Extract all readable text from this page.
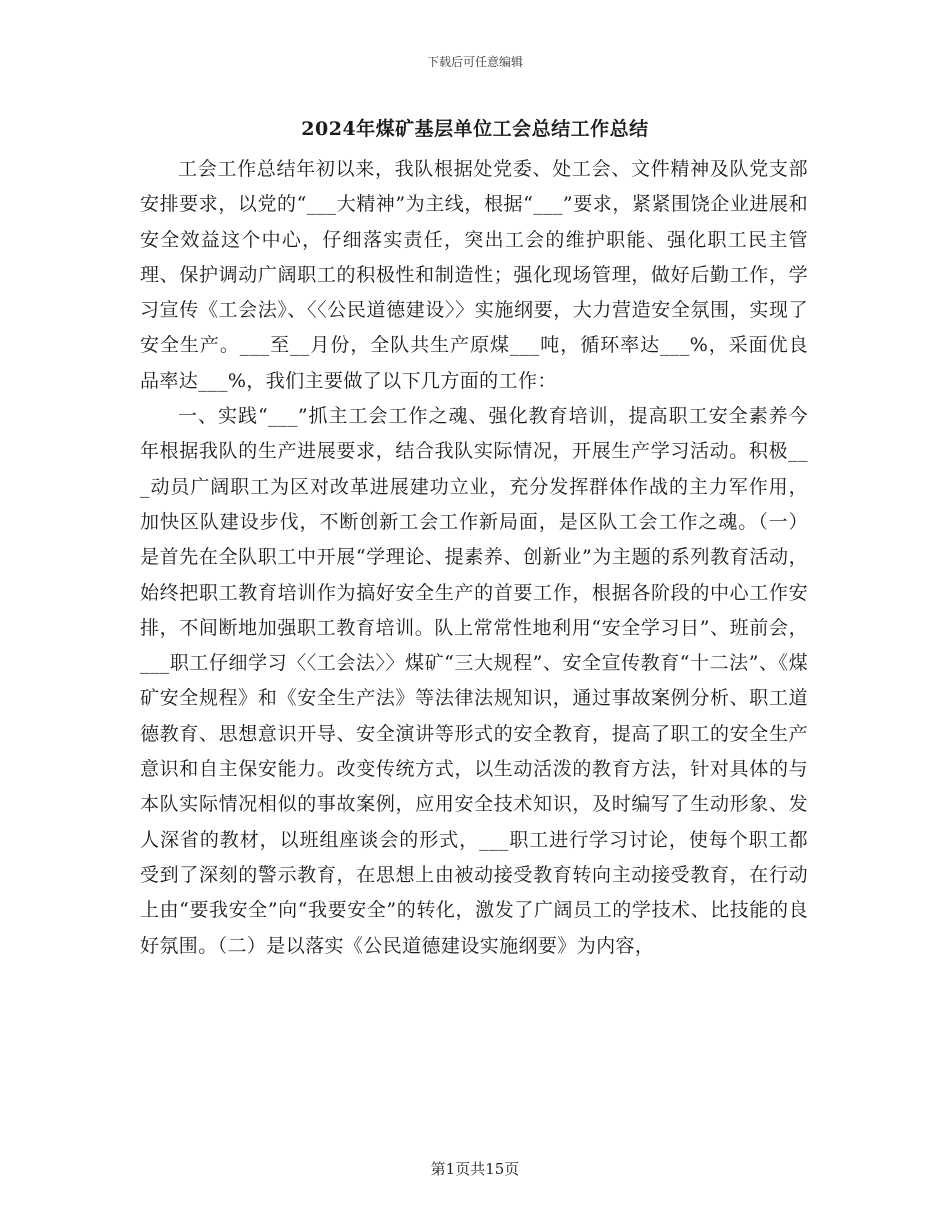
下载后可任意编辑
2024年煤矿基层单位工会总结工作总结

工会工作总结年初以来，我队根据处党委、处工会、文件精神及队党支部安排要求，以党的“___大精神”为主线，根据“___”要求，紧紧围饶企业进展和安全效益这个中心，仔细落实责任，突出工会的维护职能、强化职工民主管理、保护调动广阔职工的积极性和制造性；强化现场管理，做好后勤工作，学习宣传《工会法》、〈〈公民道德建设〉〉实施纲要，大力营造安全氛围，实现了安全生产。___至__月份，全队共生产原煤___吨，循环率达___%，采面优良品率达___%，我们主要做了以下几方面的工作：

一、实践“___”抓主工会工作之魂、强化教育培训，提高职工安全素养今年根据我队的生产进展要求，结合我队实际情况，开展生产学习活动。积极___动员广阔职工为区对改革进展建功立业，充分发挥群体作战的主力军作用，加快区队建设步伐，不断创新工会工作新局面，是区队工会工作之魂。（一）是首先在全队职工中开展“学理论、提素养、创新业”为主题的系列教育活动，始终把职工教育培训作为搞好安全生产的首要工作，根据各阶段的中心工作安排，不间断地加强职工教育培训。队上常常性地利用“安全学习日”、班前会，___职工仔细学习〈〈工会法〉〉煤矿“三大规程”、安全宣传教育“十二法”、《煤矿安全规程》和《安全生产法》等法律法规知识，通过事故案例分析、职工道德教育、思想意识开导、安全演讲等形式的安全教育，提高了职工的安全生产意识和自主保安能力。改变传统方式，以生动活泼的教育方法，针对具体的与本队实际情况相似的事故案例，应用安全技术知识，及时编写了生动形象、发人深省的教材，以班组座谈会的形式，___职工进行学习讨论，使每个职工都受到了深刻的警示教育，在思想上由被动接受教育转向主动接受教育，在行动上由“要我安全”向“我要安全”的转化，激发了广阔员工的学技术、比技能的良好氛围。（二）是以落实《公民道德建设实施纲要》为内容，

第1页共15页
